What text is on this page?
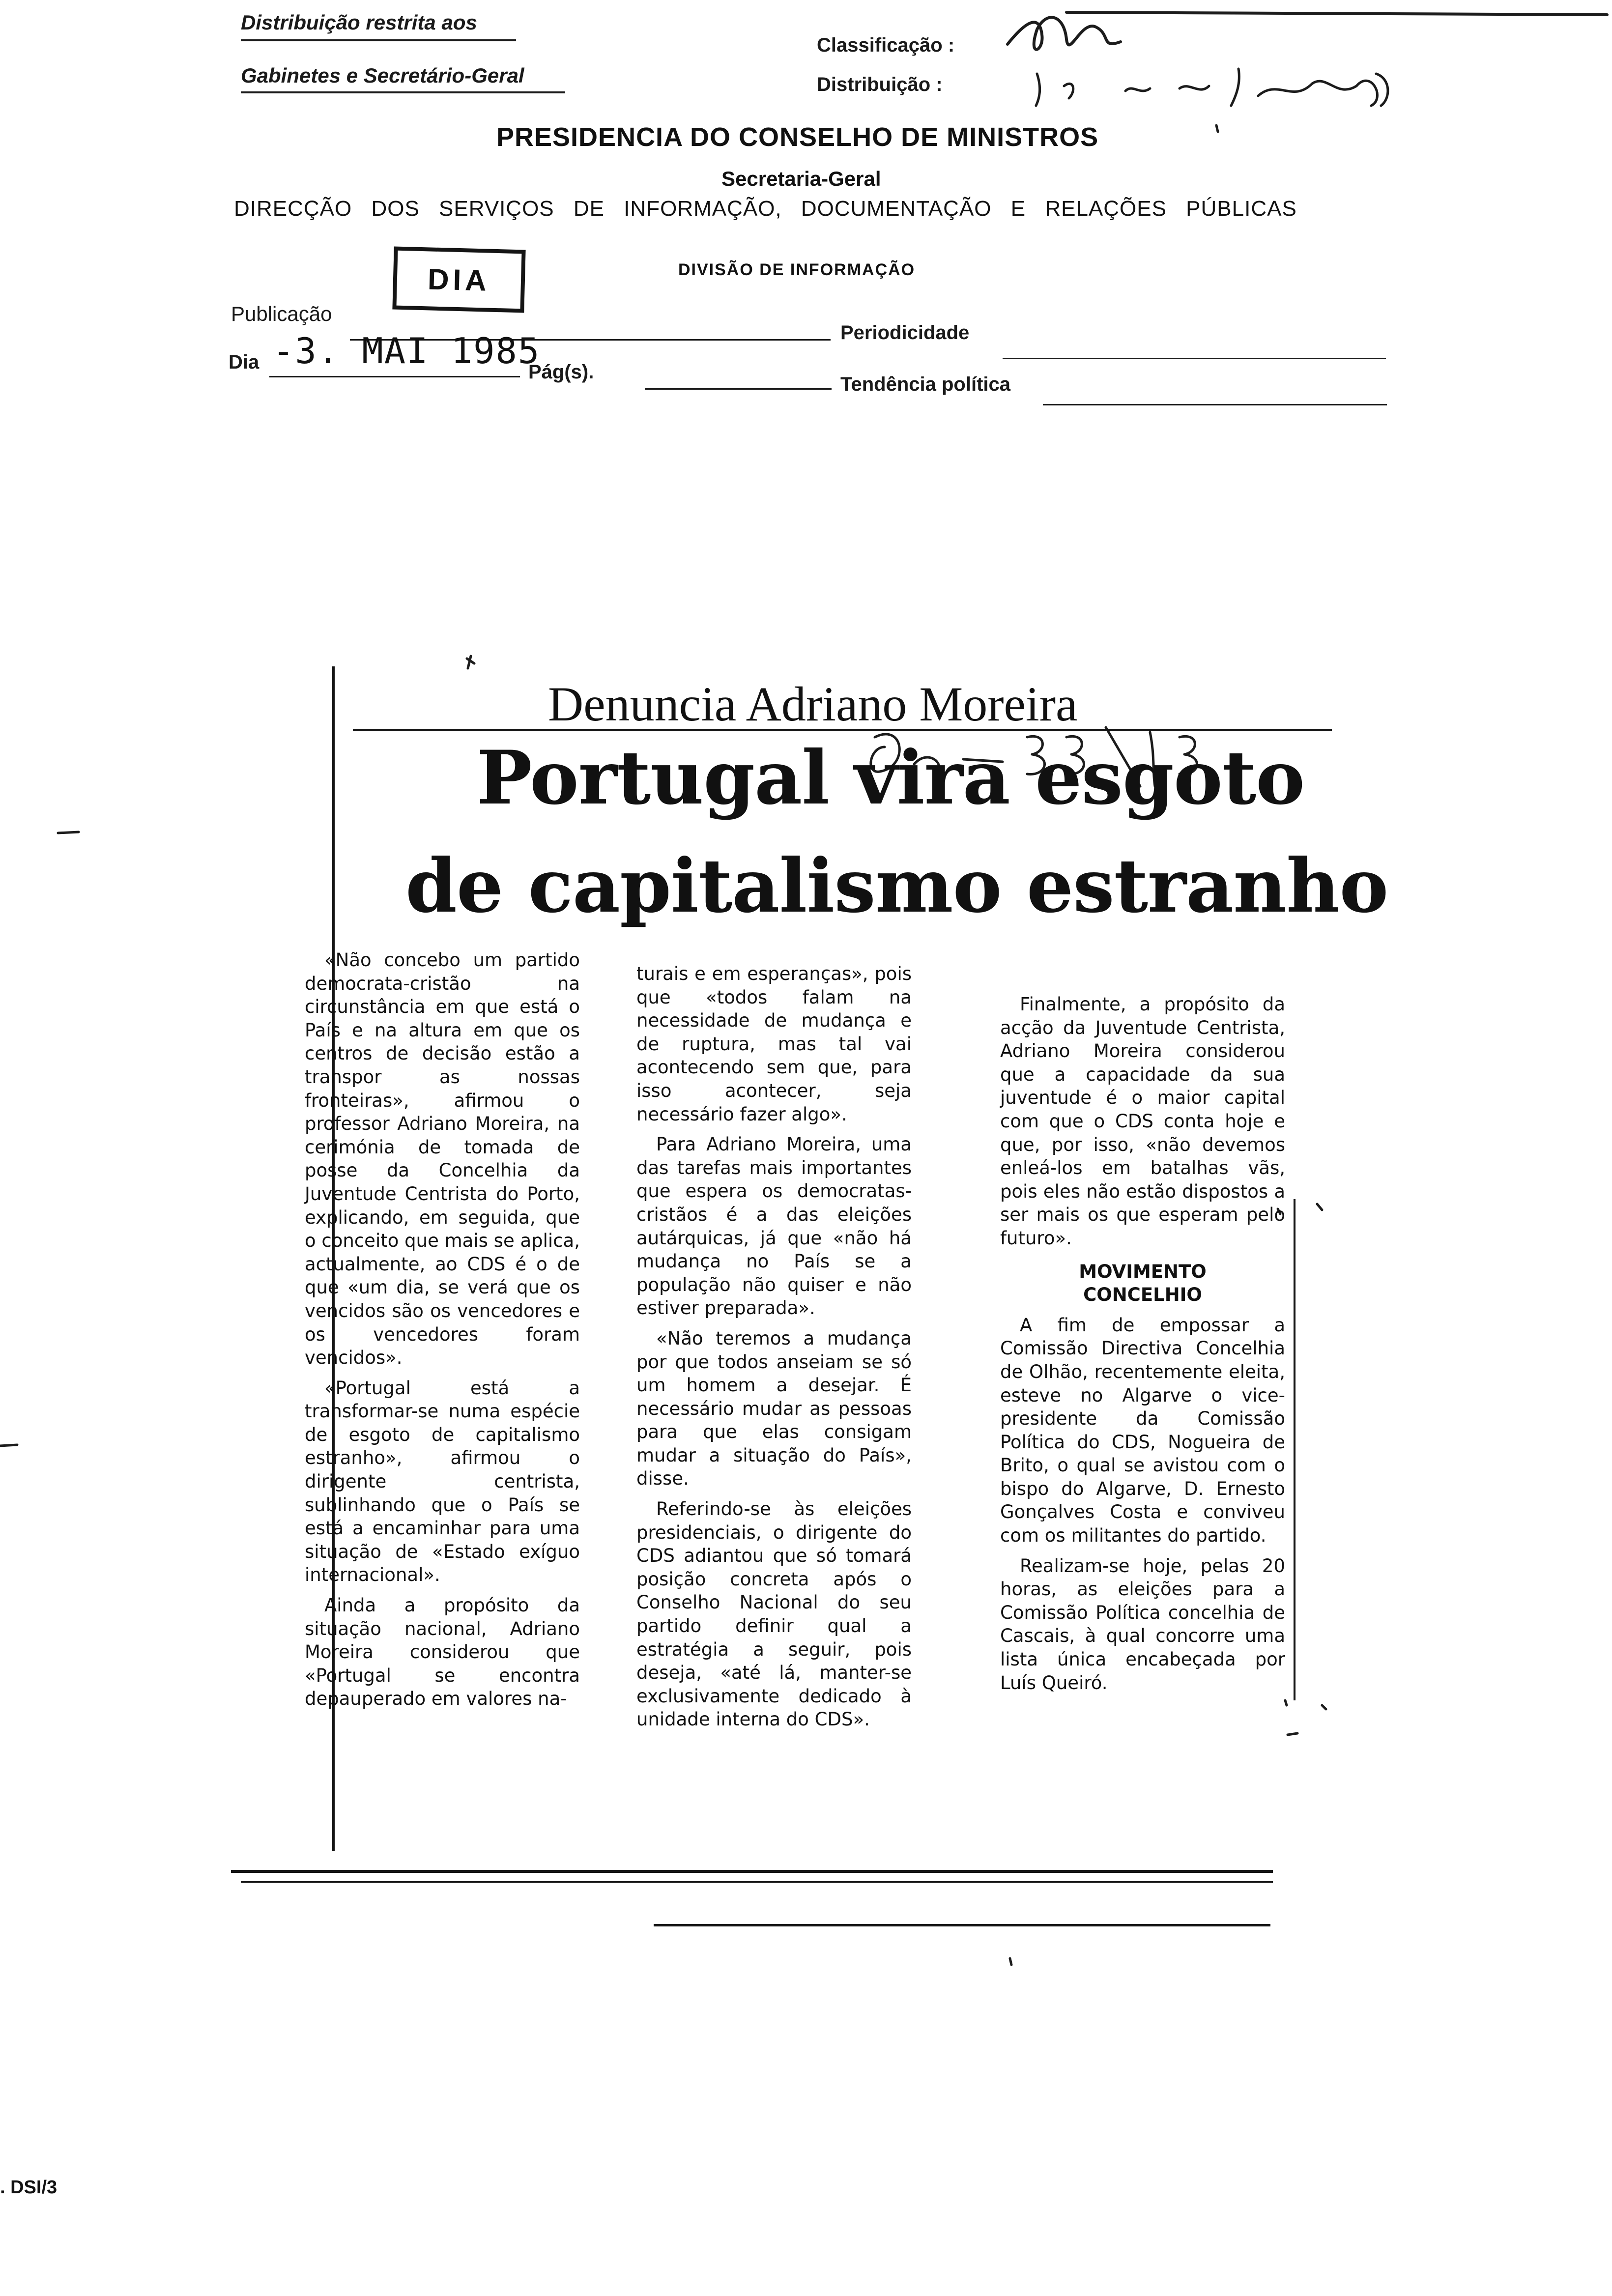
Distribuição restrita aos
Gabinetes e Secretário-Geral
Classificação :
Distribuição :
PRESIDENCIA DO CONSELHO DE MINISTROS
Secretaria-Geral
DIRECÇÃO DOS SERVIÇOS DE INFORMAÇÃO, DOCUMENTAÇÃO E RELAÇÕES PÚBLICAS
DIVISÃO DE INFORMAÇÃO
DIA
Publicação
Periodicidade
Dia -3. MAI 1985
Pág(s).
Tendência política
Denuncia Adriano Moreira
Portugal vira esgoto
de capitalismo estranho

«Não concebo um partido democrata-cristão na circunstância em que está o País e na altura em que os centros de decisão estão a transpor as nossas fronteiras», afirmou o professor Adriano Moreira, na cerimónia de tomada de posse da Concelhia da Juventude Centrista do Porto, explicando, em seguida, que o conceito que mais se aplica, actualmente, ao CDS é o de que «um dia, se verá que os vencidos são os vencedores e os vencedores foram vencidos».

«Portugal está a transformar-se numa espécie de esgoto de capitalismo estranho», afirmou o dirigente centrista, sublinhando que o País se está a encaminhar para uma situação de «Estado exíguo internacional».

Ainda a propósito da situação nacional, Adriano Moreira considerou que «Portugal se encontra depauperado em valores na-

turais e em esperanças», pois que «todos falam na necessidade de mudança e de ruptura, mas tal vai acontecendo sem que, para isso acontecer, seja necessário fazer algo».

Para Adriano Moreira, uma das tarefas mais importantes que espera os democratas-cristãos é a das eleições autárquicas, já que «não há mudança no País se a população não quiser e não estiver preparada».

«Não teremos a mudança por que todos anseiam se só um homem a desejar. É necessário mudar as pessoas para que elas consigam mudar a situação do País», disse.

Referindo-se às eleições presidenciais, o dirigente do CDS adiantou que só tomará posição concreta após o Conselho Nacional do seu partido definir qual a estratégia a seguir, pois deseja, «até lá, manter-se exclusivamente dedicado à unidade interna do CDS».

Finalmente, a propósito da acção da Juventude Centrista, Adriano Moreira considerou que a capacidade da sua juventude é o maior capital com que o CDS conta hoje e que, por isso, «não devemos enleá-los em batalhas vãs, pois eles não estão dispostos a ser mais os que esperam pelo futuro».

MOVIMENTO
CONCELHIO

A fim de empossar a Comissão Directiva Concelhia de Olhão, recentemente eleita, esteve no Algarve o vice-presidente da Comissão Política do CDS, Nogueira de Brito, o qual se avistou com o bispo do Algarve, D. Ernesto Gonçalves Costa e conviveu com os militantes do partido.

Realizam-se hoje, pelas 20 horas, as eleições para a Comissão Política concelhia de Cascais, à qual concorre uma lista única encabeçada por Luís Queiró.

. DSI/3
